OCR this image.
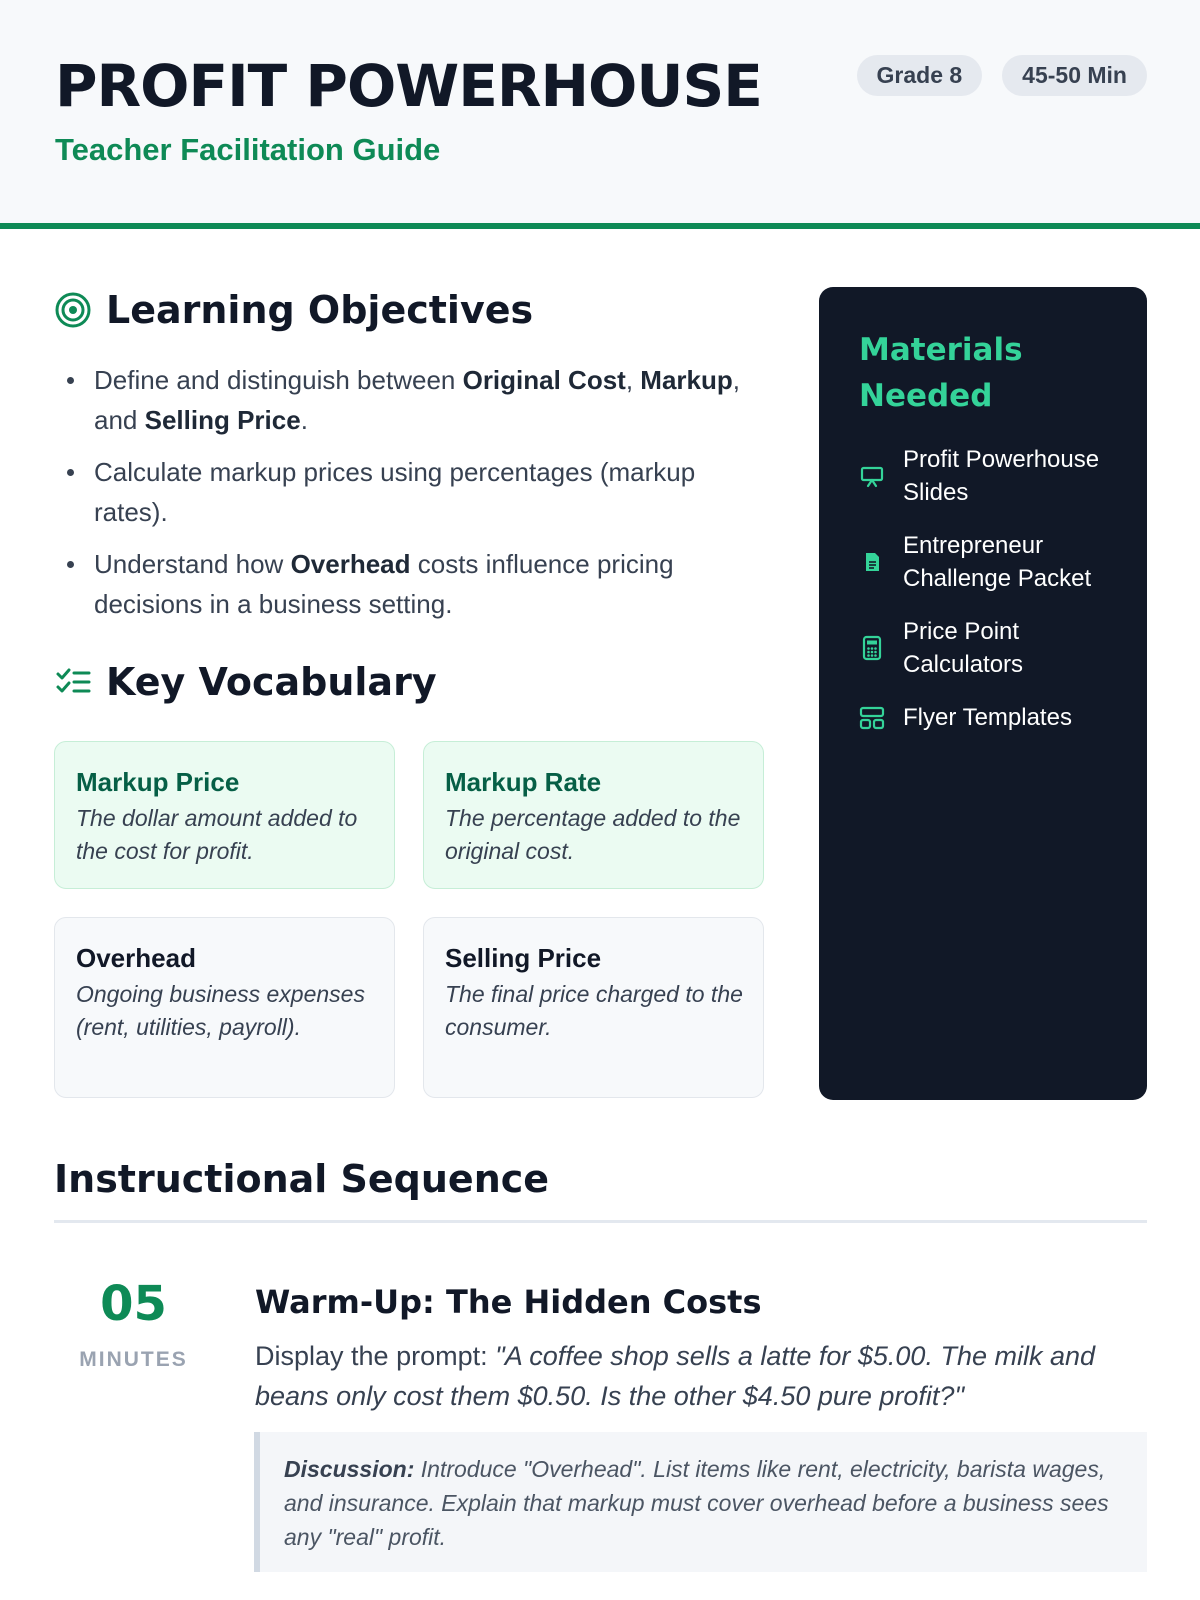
PROFIT POWERHOUSE
Teacher Facilitation Guide
Grade 8	45-50 Min
Learning Objectives
Define and distinguish between Original Cost, Markup, and Selling Price.
Calculate markup prices using percentages (markup rates).
Understand how Overhead costs influence pricing decisions in a business setting.
Key Vocabulary
Markup Price
The dollar amount added to the cost for profit.
Markup Rate
The percentage added to the original cost.
Overhead
Ongoing business expenses (rent, utilities, payroll).
Selling Price
The final price charged to the consumer.
Materials Needed
Profit Powerhouse Slides
Entrepreneur Challenge Packet
Price Point Calculators
Flyer Templates
Instructional Sequence
05
MINUTES
Warm-Up: The Hidden Costs
Display the prompt: "A coffee shop sells a latte for $5.00. The milk and beans only cost them $0.50. Is the other $4.50 pure profit?"
Discussion: Introduce "Overhead". List items like rent, electricity, barista wages, and insurance. Explain that markup must cover overhead before a business sees any "real" profit.
